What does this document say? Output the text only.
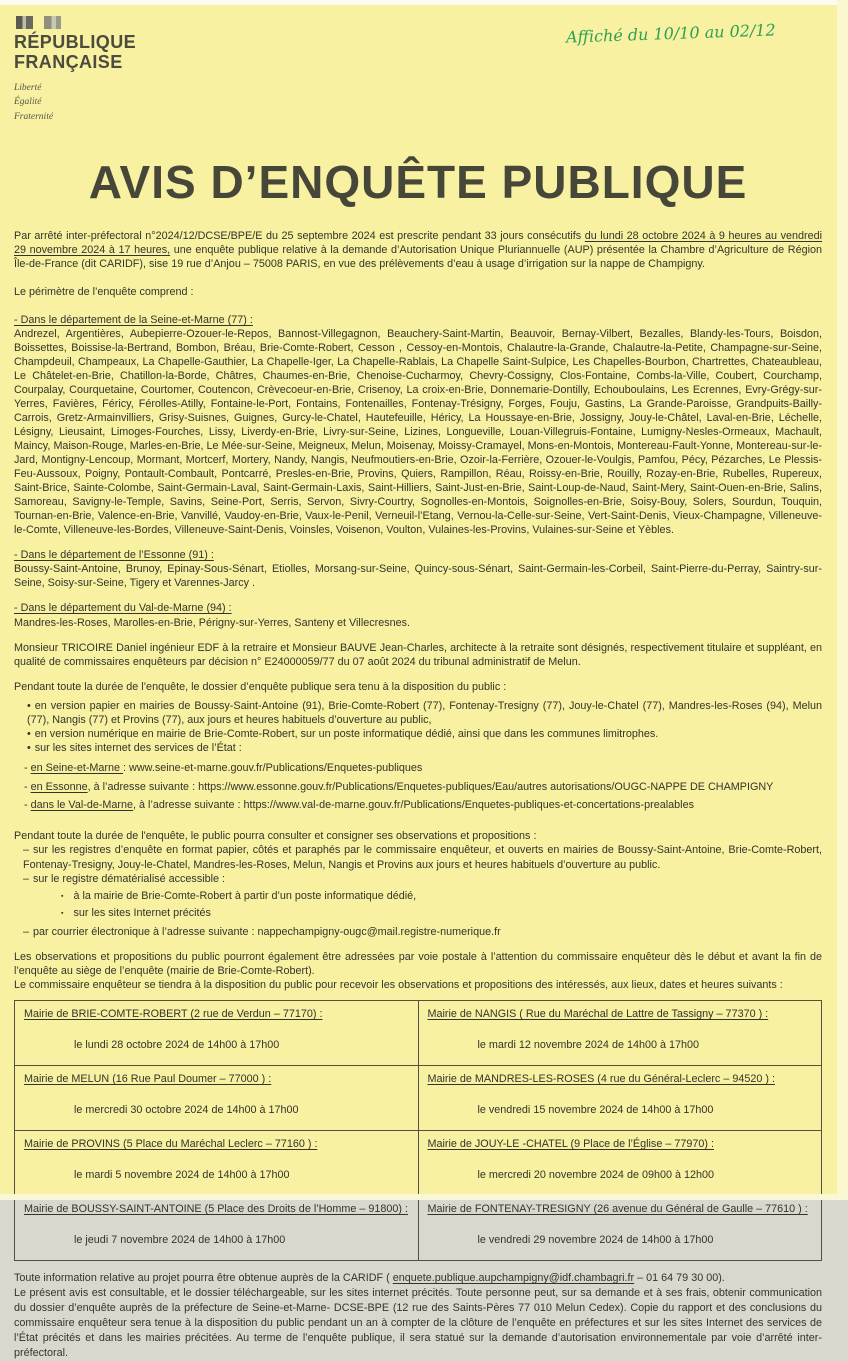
RÉPUBLIQUE
FRANÇAISE
Liberté
Égalité
Fraternité
Affiché du 10/10 au 02/12
AVIS D’ENQUÊTE PUBLIQUE

Par arrêté inter-préfectoral n°2024/12/DCSE/BPE/E du 25 septembre 2024 est prescrite pendant 33 jours consécutifs du lundi 28 octobre 2024 à 9 heures au vendredi 29 novembre 2024 à 17 heures, une enquête publique relative à la demande d’Autorisation Unique Pluriannuelle (AUP) présentée la Chambre d’Agriculture de Région Île-de-France (dit CARIDF), sise 19 rue d’Anjou – 75008 PARIS, en vue des prélèvements d’eau à usage d’irrigation sur la nappe de Champigny.

Le périmètre de l’enquête comprend :

- Dans le département de la Seine-et-Marne (77) :

Andrezel, Argentières, Aubepierre-Ozouer-le-Repos, Bannost-Villegagnon, Beauchery-Saint-Martin, Beauvoir, Bernay-Vilbert, Bezalles, Blandy-les-Tours, Boisdon, Boissettes, Boissise-la-Bertrand, Bombon, Bréau, Brie-Comte-Robert, Cesson , Cessoy-en-Montois, Chalautre-la-Grande, Chalautre-la-Petite, Champagne-sur-Seine, Champdeuil, Champeaux, La Chapelle-Gauthier, La Chapelle-Iger, La Chapelle-Rablais, La Chapelle Saint-Sulpice, Les Chapelles-Bourbon, Chartrettes, Chateaubleau, Le Châtelet-en-Brie, Chatillon-la-Borde, Châtres, Chaumes-en-Brie, Chenoise-Cucharmoy, Chevry-Cossigny, Clos-Fontaine, Combs-la-Ville, Coubert, Courchamp, Courpalay, Courquetaine, Courtomer, Coutencon, Crèvecoeur-en-Brie, Crisenoy, La croix-en-Brie, Donnemarie-Dontilly, Echouboulains, Les Ecrennes, Evry-Grégy-sur-Yerres, Favières, Féricy, Férolles-Atilly, Fontaine-le-Port, Fontains, Fontenailles, Fontenay-Trésigny, Forges, Fouju, Gastins, La Grande-Paroisse, Grandpuits-Bailly-Carrois, Gretz-Armainvilliers, Grisy-Suisnes, Guignes, Gurcy-le-Chatel, Hautefeuille, Héricy, La Houssaye-en-Brie, Jossigny, Jouy-le-Châtel, Laval-en-Brie, Léchelle, Lésigny, Lieusaint, Limoges-Fourches, Lissy, Liverdy-en-Brie, Livry-sur-Seine, Lizines, Longueville, Louan-Villegruis-Fontaine, Lumigny-Nesles-Ormeaux, Machault, Maincy, Maison-Rouge, Marles-en-Brie, Le Mée-sur-Seine, Meigneux, Melun, Moisenay, Moissy-Cramayel, Mons-en-Montois, Montereau-Fault-Yonne, Montereau-sur-le-Jard, Montigny-Lencoup, Mormant, Mortcerf, Mortery, Nandy, Nangis, Neufmoutiers-en-Brie, Ozoir-la-Ferrière, Ozouer-le-Voulgis, Pamfou, Pécy, Pézarches, Le Plessis-Feu-Aussoux, Poigny, Pontault-Combault, Pontcarré, Presles-en-Brie, Provins, Quiers, Rampillon, Réau, Roissy-en-Brie, Rouilly, Rozay-en-Brie, Rubelles, Rupereux, Saint-Brice, Sainte-Colombe, Saint-Germain-Laval, Saint-Germain-Laxis, Saint-Hilliers, Saint-Just-en-Brie, Saint-Loup-de-Naud, Saint-Mery, Saint-Ouen-en-Brie, Salins, Samoreau, Savigny-le-Temple, Savins, Seine-Port, Serris, Servon, Sivry-Courtry, Sognolles-en-Montois, Soignolles-en-Brie, Soisy-Bouy, Solers, Sourdun, Touquin, Tournan-en-Brie, Valence-en-Brie, Vanvillé, Vaudoy-en-Brie, Vaux-le-Penil, Verneuil-l’Etang, Vernou-la-Celle-sur-Seine, Vert-Saint-Denis, Vieux-Champagne, Villeneuve-le-Comte, Villeneuve-les-Bordes, Villeneuve-Saint-Denis, Voinsles, Voisenon, Voulton, Vulaines-les-Provins, Vulaines-sur-Seine et Yèbles.

- Dans le département de l’Essonne (91) :

Boussy-Saint-Antoine, Brunoy, Epinay-Sous-Sénart, Etiolles, Morsang-sur-Seine, Quincy-sous-Sénart, Saint-Germain-les-Corbeil, Saint-Pierre-du-Perray, Saintry-sur-Seine, Soisy-sur-Seine, Tigery et Varennes-Jarcy .

- Dans le département du Val-de-Marne (94) :

Mandres-les-Roses, Marolles-en-Brie, Périgny-sur-Yerres, Santeny et Villecresnes.

Monsieur TRICOIRE Daniel ingénieur EDF à la retraire et Monsieur BAUVE Jean-Charles, architecte à la retraite sont désignés, respectivement titulaire et suppléant, en qualité de commissaires enquêteurs par décision n° E24000059/77 du 07 août 2024 du tribunal administratif de Melun.

Pendant toute la durée de l’enquête, le dossier d’enquête publique sera tenu à la disposition du public :

• en version papier en mairies de Boussy-Saint-Antoine (91), Brie-Comte-Robert (77), Fontenay-Tresigny (77), Jouy-le-Chatel (77), Mandres-les-Roses (94), Melun (77), Nangis (77) et Provins (77), aux jours et heures habituels d’ouverture au public,

• en version numérique en mairie de Brie-Comte-Robert, sur un poste informatique dédié, ainsi que dans les communes limitrophes.

• sur les sites internet des services de l’État :

- en Seine-et-Marne : www.seine-et-marne.gouv.fr/Publications/Enquetes-publiques

- en Essonne, à l’adresse suivante : https://www.essonne.gouv.fr/Publications/Enquetes-publiques/Eau/autres autorisations/OUGC-NAPPE DE CHAMPIGNY

- dans le Val-de-Marne, à l’adresse suivante : https://www.val-de-marne.gouv.fr/Publications/Enquetes-publiques-et-concertations-prealables

Pendant toute la durée de l'enquête, le public pourra consulter et consigner ses observations et propositions :

– sur les registres d’enquête en format papier, côtés et paraphés par le commissaire enquêteur, et ouverts en mairies de Boussy-Saint-Antoine, Brie-Comte-Robert, Fontenay-Tresigny, Jouy-le-Chatel, Mandres-les-Roses, Melun, Nangis et Provins aux jours et heures habituels d’ouverture au public.

– sur le registre dématérialisé accessible :

▪ à la mairie de Brie-Comte-Robert à partir d’un poste informatique dédié,

▪ sur les sites Internet précités

– par courrier électronique à l’adresse suivante : nappechampigny-ougc@mail.registre-numerique.fr

Les observations et propositions du public pourront également être adressées par voie postale à l’attention du commissaire enquêteur dès le début et avant la fin de l’enquête au siège de l’enquête (mairie de Brie-Comte-Robert).

Le commissaire enquêteur se tiendra à la disposition du public pour recevoir les observations et propositions des intéressés, aux lieux, dates et heures suivants :

Mairie de BRIE-COMTE-ROBERT (2 rue de Verdun – 77170) :
le lundi 28 octobre 2024 de 14h00 à 17h00

Mairie de NANGIS ( Rue du Maréchal de Lattre de Tassigny – 77370 ) :
le mardi 12 novembre 2024 de 14h00 à 17h00

Mairie de MELUN (16 Rue Paul Doumer – 77000 ) :
le mercredi 30 octobre 2024 de 14h00 à 17h00

Mairie de MANDRES-LES-ROSES (4 rue du Général-Leclerc – 94520 ) :
le vendredi 15 novembre 2024 de 14h00 à 17h00

Mairie de PROVINS (5 Place du Maréchal Leclerc – 77160 ) :
le mardi 5 novembre 2024 de 14h00 à 17h00

Mairie de JOUY-LE -CHATEL (9 Place de l’Église – 77970) :
le mercredi 20 novembre 2024 de 09h00 à 12h00

Mairie de BOUSSY-SAINT-ANTOINE (5 Place des Droits de l’Homme – 91800) :
le jeudi 7 novembre 2024 de 14h00 à 17h00

Mairie de FONTENAY-TRESIGNY (26 avenue du Général de Gaulle – 77610 ) :
le vendredi 29 novembre 2024 de 14h00 à 17h00

Toute information relative au projet pourra être obtenue auprès de la CARIDF ( enquete.publique.aupchampigny@idf.chambagri.fr – 01 64 79 30 00).

Le présent avis est consultable, et le dossier téléchargeable, sur les sites internet précités. Toute personne peut, sur sa demande et à ses frais, obtenir communication du dossier d’enquête auprès de la préfecture de Seine-et-Marne- DCSE-BPE (12 rue des Saints-Pères 77 010 Melun Cedex). Copie du rapport et des conclusions du commissaire enquêteur sera tenue à la disposition du public pendant un an à compter de la clôture de l’enquête en préfectures et sur les sites Internet des services de l’État précités et dans les mairies précitées. Au terme de l’enquête publique, il sera statué sur la demande d’autorisation environnementale par voie d’arrêté inter-préfectoral.
